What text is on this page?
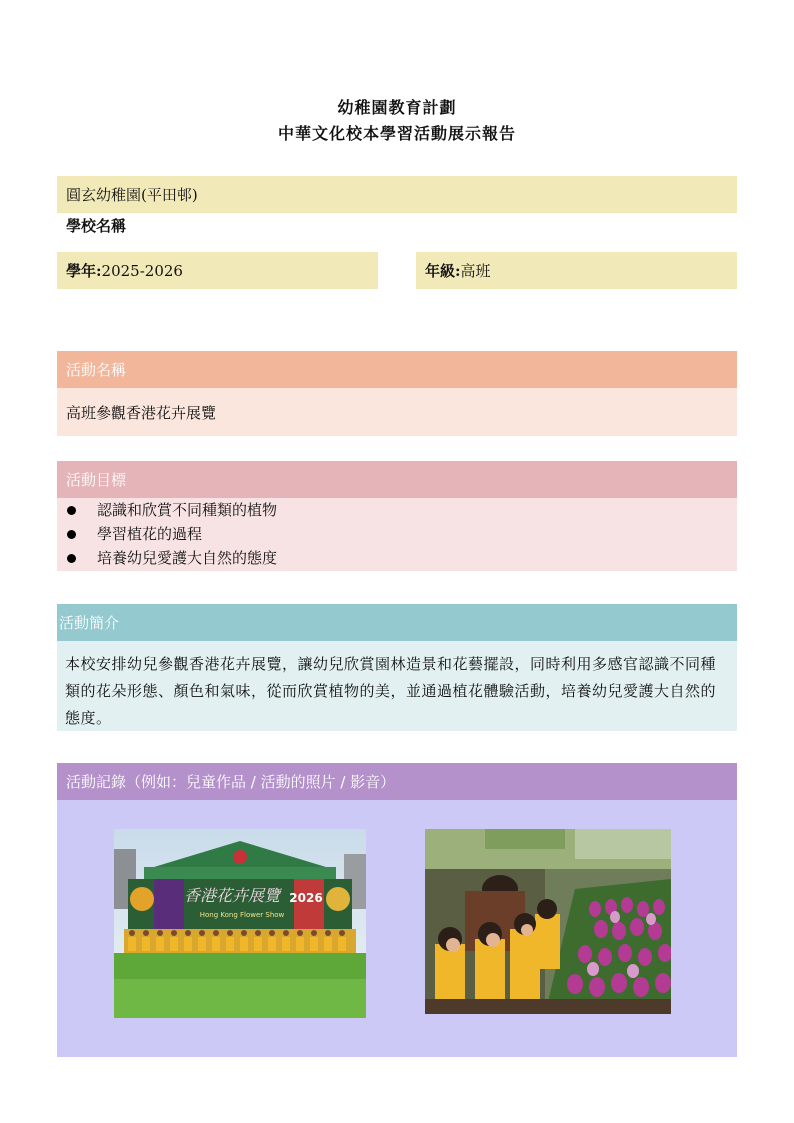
幼稚園教育計劃
中華文化校本學習活動展示報告
圓玄幼稚園(平田邨)
學校名稱
學年: 2025-2026	年級: 高班
活動名稱
高班參觀香港花卉展覽
活動目標
認識和欣賞不同種類的植物
學習植花的過程
培養幼兒愛護大自然的態度
活動簡介
本校安排幼兒參觀香港花卉展覽，讓幼兒欣賞園林造景和花藝擺設，同時利用多感官認識不同種類的花朵形態、顏色和氣味，從而欣賞植物的美，並通過植花體驗活動，培養幼兒愛護大自然的態度。
活動記錄（例如：兒童作品 / 活動的照片 / 影音）
香港花卉展覽 2026
Hong Kong Flower Show
